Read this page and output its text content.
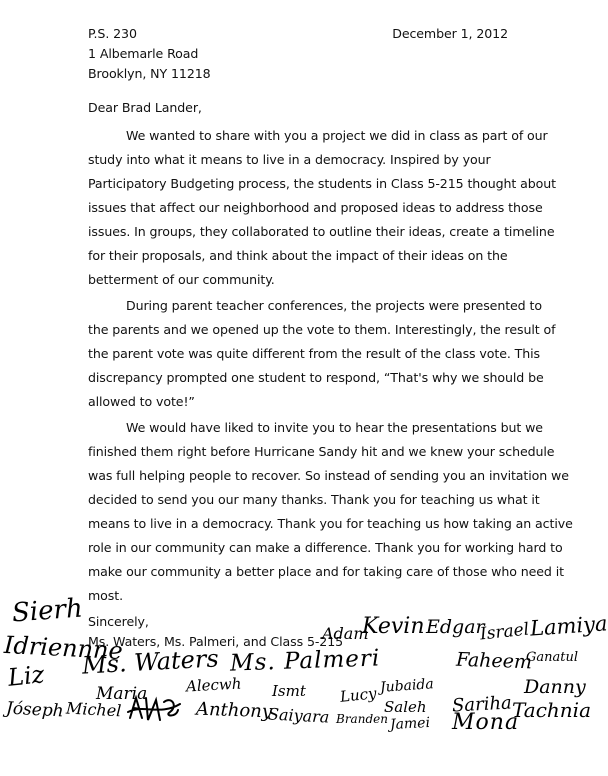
P.S. 230
1 Albemarle Road
Brooklyn, NY 11218
December 1, 2012
Dear Brad Lander,
We wanted to share with you a project we did in class as part of our
study into what it means to live in a democracy. Inspired by your
Participatory Budgeting process, the students in Class 5-215 thought about
issues that affect our neighborhood and proposed ideas to address those
issues. In groups, they collaborated to outline their ideas, create a timeline
for their proposals, and think about the impact of their ideas on the
betterment of our community.
During parent teacher conferences, the projects were presented to
the parents and we opened up the vote to them. Interestingly, the result of
the parent vote was quite different from the result of the class vote. This
discrepancy prompted one student to respond, “That's why we should be
allowed to vote!”
We would have liked to invite you to hear the presentations but we
finished them right before Hurricane Sandy hit and we knew your schedule
was full helping people to recover. So instead of sending you an invitation we
decided to send you our many thanks. Thank you for teaching us what it
means to live in a democracy. Thank you for teaching us how taking an active
role in our community can make a difference. Thank you for working hard to
make our community a better place and for taking care of those who need it
most.
Sincerely,
Ms. Waters, Ms. Palmeri, and Class 5-215
Sierh
Idriennne
Liz Ms. Waters Ms. Palmeri
Adam
Kevin Edgar
Israel Lamiya
Faheem
Ganatul
Maria	Alecwh Ismt Lucy Jubaida	Danny
Saleh Sariha Tachnia
Jóseph Michel	Anthony
Saiyara Branden Jamei Mona
